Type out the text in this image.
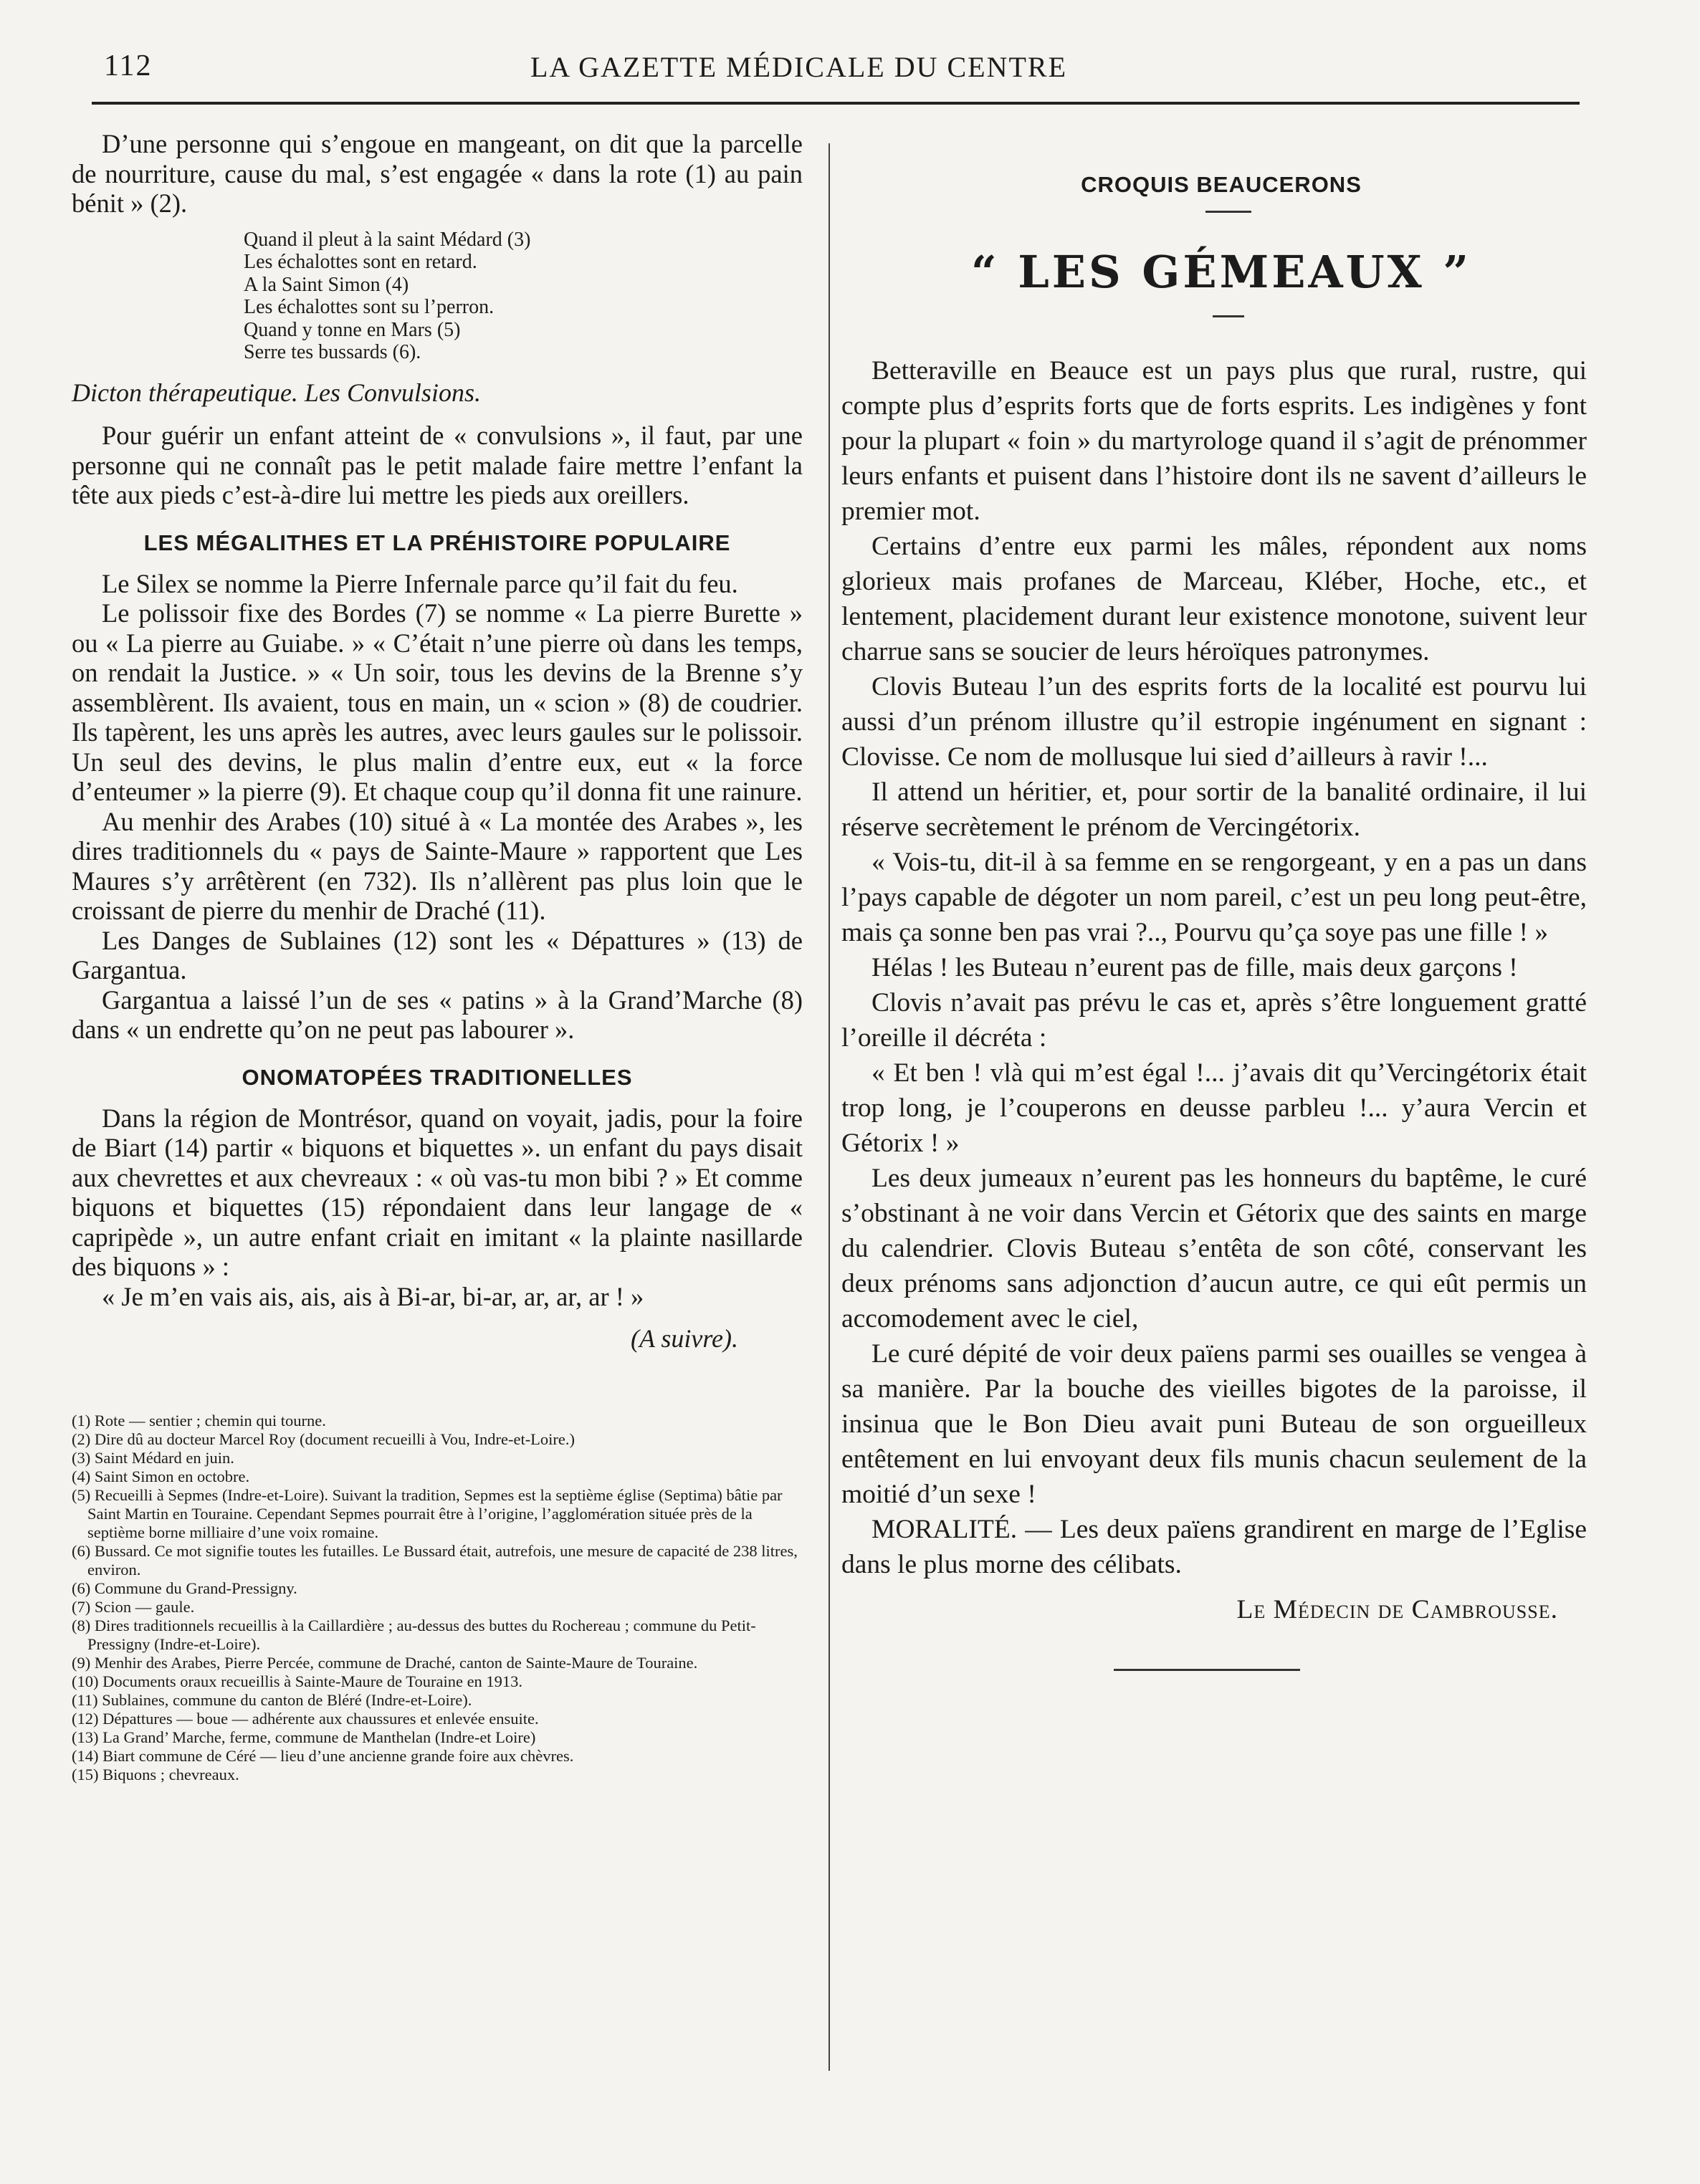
112	LA GAZETTE MÉDICALE DU CENTRE

D’une personne qui s’engoue en mangeant, on dit que la parcelle de nourriture, cause du mal, s’est engagée « dans la rote (1) au pain bénit » (2).

Quand il pleut à la saint Médard (3)
Les échalottes sont en retard.
A la Saint Simon (4)
Les échalottes sont su l’perron.
Quand y tonne en Mars (5)
Serre tes bussards (6).

Dicton thérapeutique. Les Convulsions.

Pour guérir un enfant atteint de « convulsions », il faut, par une personne qui ne connaît pas le petit malade faire mettre l’enfant la tête aux pieds c’est-à-dire lui mettre les pieds aux oreillers.

LES MÉGALITHES ET LA PRÉHISTOIRE POPULAIRE

Le Silex se nomme la Pierre Infernale parce qu’il fait du feu.

Le polissoir fixe des Bordes (7) se nomme « La pierre Burette » ou « La pierre au Guiabe. » « C’était n’une pierre où dans les temps, on rendait la Justice. » « Un soir, tous les devins de la Brenne s’y assemblèrent. Ils avaient, tous en main, un « scion » (8) de coudrier. Ils tapèrent, les uns après les autres, avec leurs gaules sur le polissoir. Un seul des devins, le plus malin d’entre eux, eut « la force d’enteumer » la pierre (9). Et chaque coup qu’il donna fit une rainure.

Au menhir des Arabes (10) situé à « La montée des Arabes », les dires traditionnels du « pays de Sainte-Maure » rapportent que Les Maures s’y arrêtèrent (en 732). Ils n’allèrent pas plus loin que le croissant de pierre du menhir de Draché (11).

Les Danges de Sublaines (12) sont les « Dépattures » (13) de Gargantua.

Gargantua a laissé l’un de ses « patins » à la Grand’Marche (8) dans « un endrette qu’on ne peut pas labourer ».

ONOMATOPÉES TRADITIONELLES

Dans la région de Montrésor, quand on voyait, jadis, pour la foire de Biart (14) partir « biquons et biquettes ». un enfant du pays disait aux chevrettes et aux chevreaux : « où vas-tu mon bibi ? » Et comme biquons et biquettes (15) répondaient dans leur langage de « capripède », un autre enfant criait en imitant « la plainte nasillarde des biquons » :

« Je m’en vais ais, ais, ais à Bi-ar, bi-ar, ar, ar, ar ! »

(A suivre).

(1) Rote — sentier ; chemin qui tourne.
(2) Dire dû au docteur Marcel Roy (document recueilli à Vou, Indre-et-Loire.)
(3) Saint Médard en juin.
(4) Saint Simon en octobre.
(5) Recueilli à Sepmes (Indre-et-Loire). Suivant la tradition, Sepmes est la septième église (Septima) bâtie par Saint Martin en Touraine. Cependant Sepmes pourrait être à l’origine, l’agglomération située près de la septième borne milliaire d’une voix romaine.
(6) Bussard. Ce mot signifie toutes les futailles. Le Bussard était, autrefois, une mesure de capacité de 238 litres, environ.
(6) Commune du Grand-Pressigny.
(7) Scion — gaule.
(8) Dires traditionnels recueillis à la Caillardière ; au-dessus des buttes du Rochereau ; commune du Petit-Pressigny (Indre-et-Loire).
(9) Menhir des Arabes, Pierre Percée, commune de Draché, canton de Sainte-Maure de Touraine.
(10) Documents oraux recueillis à Sainte-Maure de Touraine en 1913.
(11) Sublaines, commune du canton de Bléré (Indre-et-Loire).
(12) Dépattures — boue — adhérente aux chaussures et enlevée ensuite.
(13) La Grand’ Marche, ferme, commune de Manthelan (Indre-et Loire)
(14) Biart commune de Céré — lieu d’une ancienne grande foire aux chèvres.
(15) Biquons ; chevreaux.
CROQUIS BEAUCERONS
“ LES GÉMEAUX ”

Betteraville en Beauce est un pays plus que rural, rustre, qui compte plus d’esprits forts que de forts esprits. Les indigènes y font pour la plupart « foin » du martyrologe quand il s’agit de prénommer leurs enfants et puisent dans l’histoire dont ils ne savent d’ailleurs le premier mot.

Certains d’entre eux parmi les mâles, répondent aux noms glorieux mais profanes de Marceau, Kléber, Hoche, etc., et lentement, placidement durant leur existence monotone, suivent leur charrue sans se soucier de leurs héroïques patronymes.

Clovis Buteau l’un des esprits forts de la localité est pourvu lui aussi d’un prénom illustre qu’il estropie ingénument en signant : Clovisse. Ce nom de mollusque lui sied d’ailleurs à ravir !...

Il attend un héritier, et, pour sortir de la banalité ordinaire, il lui réserve secrètement le prénom de Vercingétorix.

« Vois-tu, dit-il à sa femme en se rengorgeant, y en a pas un dans l’pays capable de dégoter un nom pareil, c’est un peu long peut-être, mais ça sonne ben pas vrai ?.., Pourvu qu’ça soye pas une fille ! »

Hélas ! les Buteau n’eurent pas de fille, mais deux garçons !

Clovis n’avait pas prévu le cas et, après s’être longuement gratté l’oreille il décréta :

« Et ben ! vlà qui m’est égal !... j’avais dit qu’Vercingétorix était trop long, je l’couperons en deusse parbleu !... y’aura Vercin et Gétorix ! »

Les deux jumeaux n’eurent pas les honneurs du baptême, le curé s’obstinant à ne voir dans Vercin et Gétorix que des saints en marge du calendrier. Clovis Buteau s’entêta de son côté, conservant les deux prénoms sans adjonction d’aucun autre, ce qui eût permis un accomodement avec le ciel,

Le curé dépité de voir deux païens parmi ses ouailles se vengea à sa manière. Par la bouche des vieilles bigotes de la paroisse, il insinua que le Bon Dieu avait puni Buteau de son orgueilleux entêtement en lui envoyant deux fils munis chacun seulement de la moitié d’un sexe !

MORALITÉ. — Les deux païens grandirent en marge de l’Eglise dans le plus morne des célibats.

Le Médecin de Cambrousse.
